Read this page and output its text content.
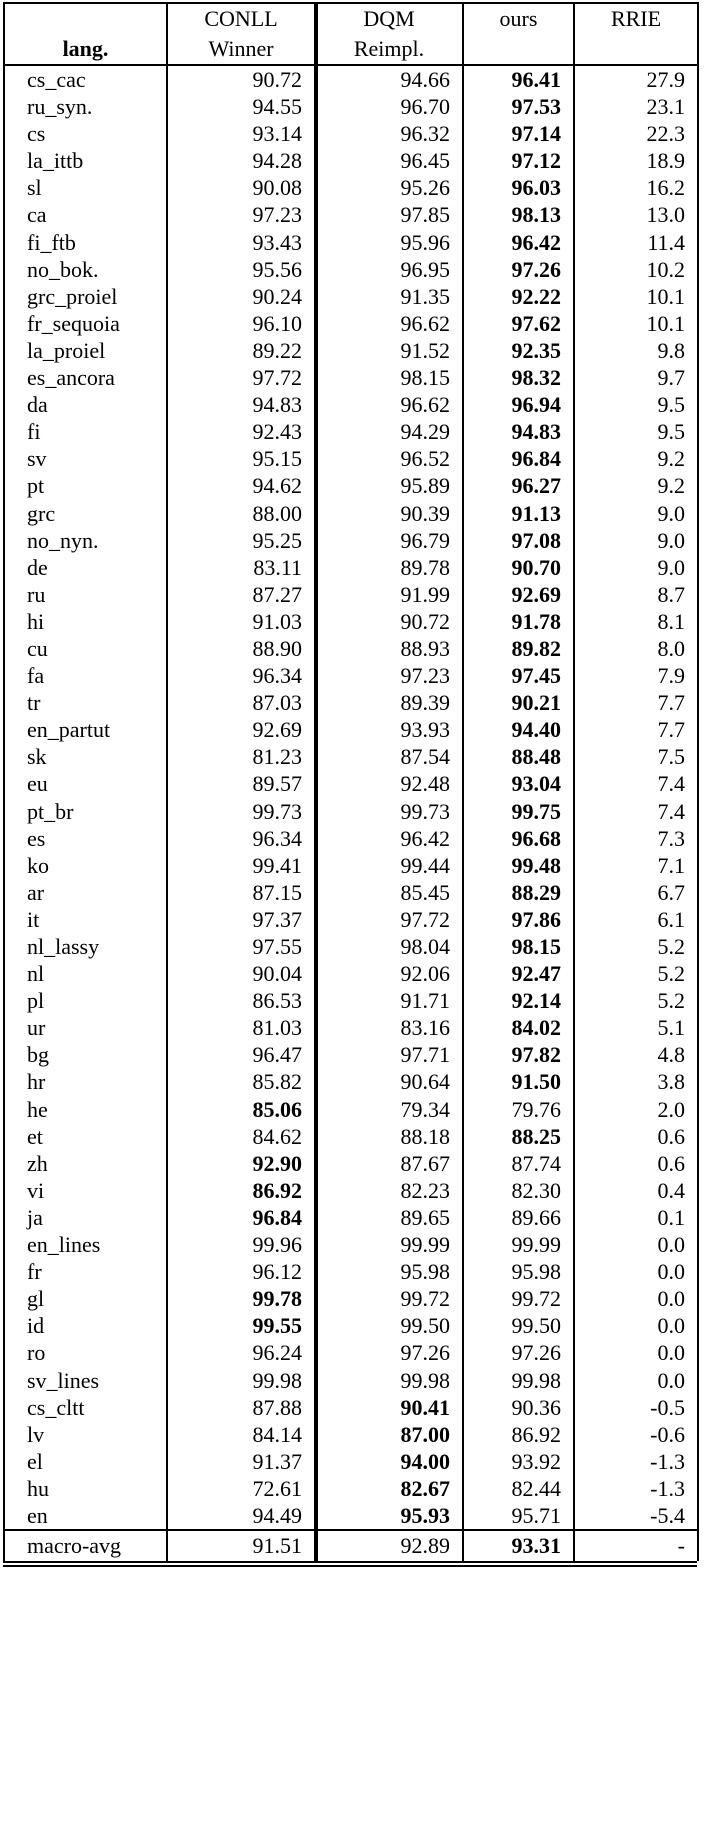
	CONLL	DQM	ours	RRIE
lang.	Winner	Reimpl.		
cs_cac	90.72	94.66	96.41	27.9
ru_syn.	94.55	96.70	97.53	23.1
cs	93.14	96.32	97.14	22.3
la_ittb	94.28	96.45	97.12	18.9
sl	90.08	95.26	96.03	16.2
ca	97.23	97.85	98.13	13.0
fi_ftb	93.43	95.96	96.42	11.4
no_bok.	95.56	96.95	97.26	10.2
grc_proiel	90.24	91.35	92.22	10.1
fr_sequoia	96.10	96.62	97.62	10.1
la_proiel	89.22	91.52	92.35	9.8
es_ancora	97.72	98.15	98.32	9.7
da	94.83	96.62	96.94	9.5
fi	92.43	94.29	94.83	9.5
sv	95.15	96.52	96.84	9.2
pt	94.62	95.89	96.27	9.2
grc	88.00	90.39	91.13	9.0
no_nyn.	95.25	96.79	97.08	9.0
de	83.11	89.78	90.70	9.0
ru	87.27	91.99	92.69	8.7
hi	91.03	90.72	91.78	8.1
cu	88.90	88.93	89.82	8.0
fa	96.34	97.23	97.45	7.9
tr	87.03	89.39	90.21	7.7
en_partut	92.69	93.93	94.40	7.7
sk	81.23	87.54	88.48	7.5
eu	89.57	92.48	93.04	7.4
pt_br	99.73	99.73	99.75	7.4
es	96.34	96.42	96.68	7.3
ko	99.41	99.44	99.48	7.1
ar	87.15	85.45	88.29	6.7
it	97.37	97.72	97.86	6.1
nl_lassy	97.55	98.04	98.15	5.2
nl	90.04	92.06	92.47	5.2
pl	86.53	91.71	92.14	5.2
ur	81.03	83.16	84.02	5.1
bg	96.47	97.71	97.82	4.8
hr	85.82	90.64	91.50	3.8
he	85.06	79.34	79.76	2.0
et	84.62	88.18	88.25	0.6
zh	92.90	87.67	87.74	0.6
vi	86.92	82.23	82.30	0.4
ja	96.84	89.65	89.66	0.1
en_lines	99.96	99.99	99.99	0.0
fr	96.12	95.98	95.98	0.0
gl	99.78	99.72	99.72	0.0
id	99.55	99.50	99.50	0.0
ro	96.24	97.26	97.26	0.0
sv_lines	99.98	99.98	99.98	0.0
cs_cltt	87.88	90.41	90.36	-0.5
lv	84.14	87.00	86.92	-0.6
el	91.37	94.00	93.92	-1.3
hu	72.61	82.67	82.44	-1.3
en	94.49	95.93	95.71	-5.4
macro-avg	91.51	92.89	93.31	-
